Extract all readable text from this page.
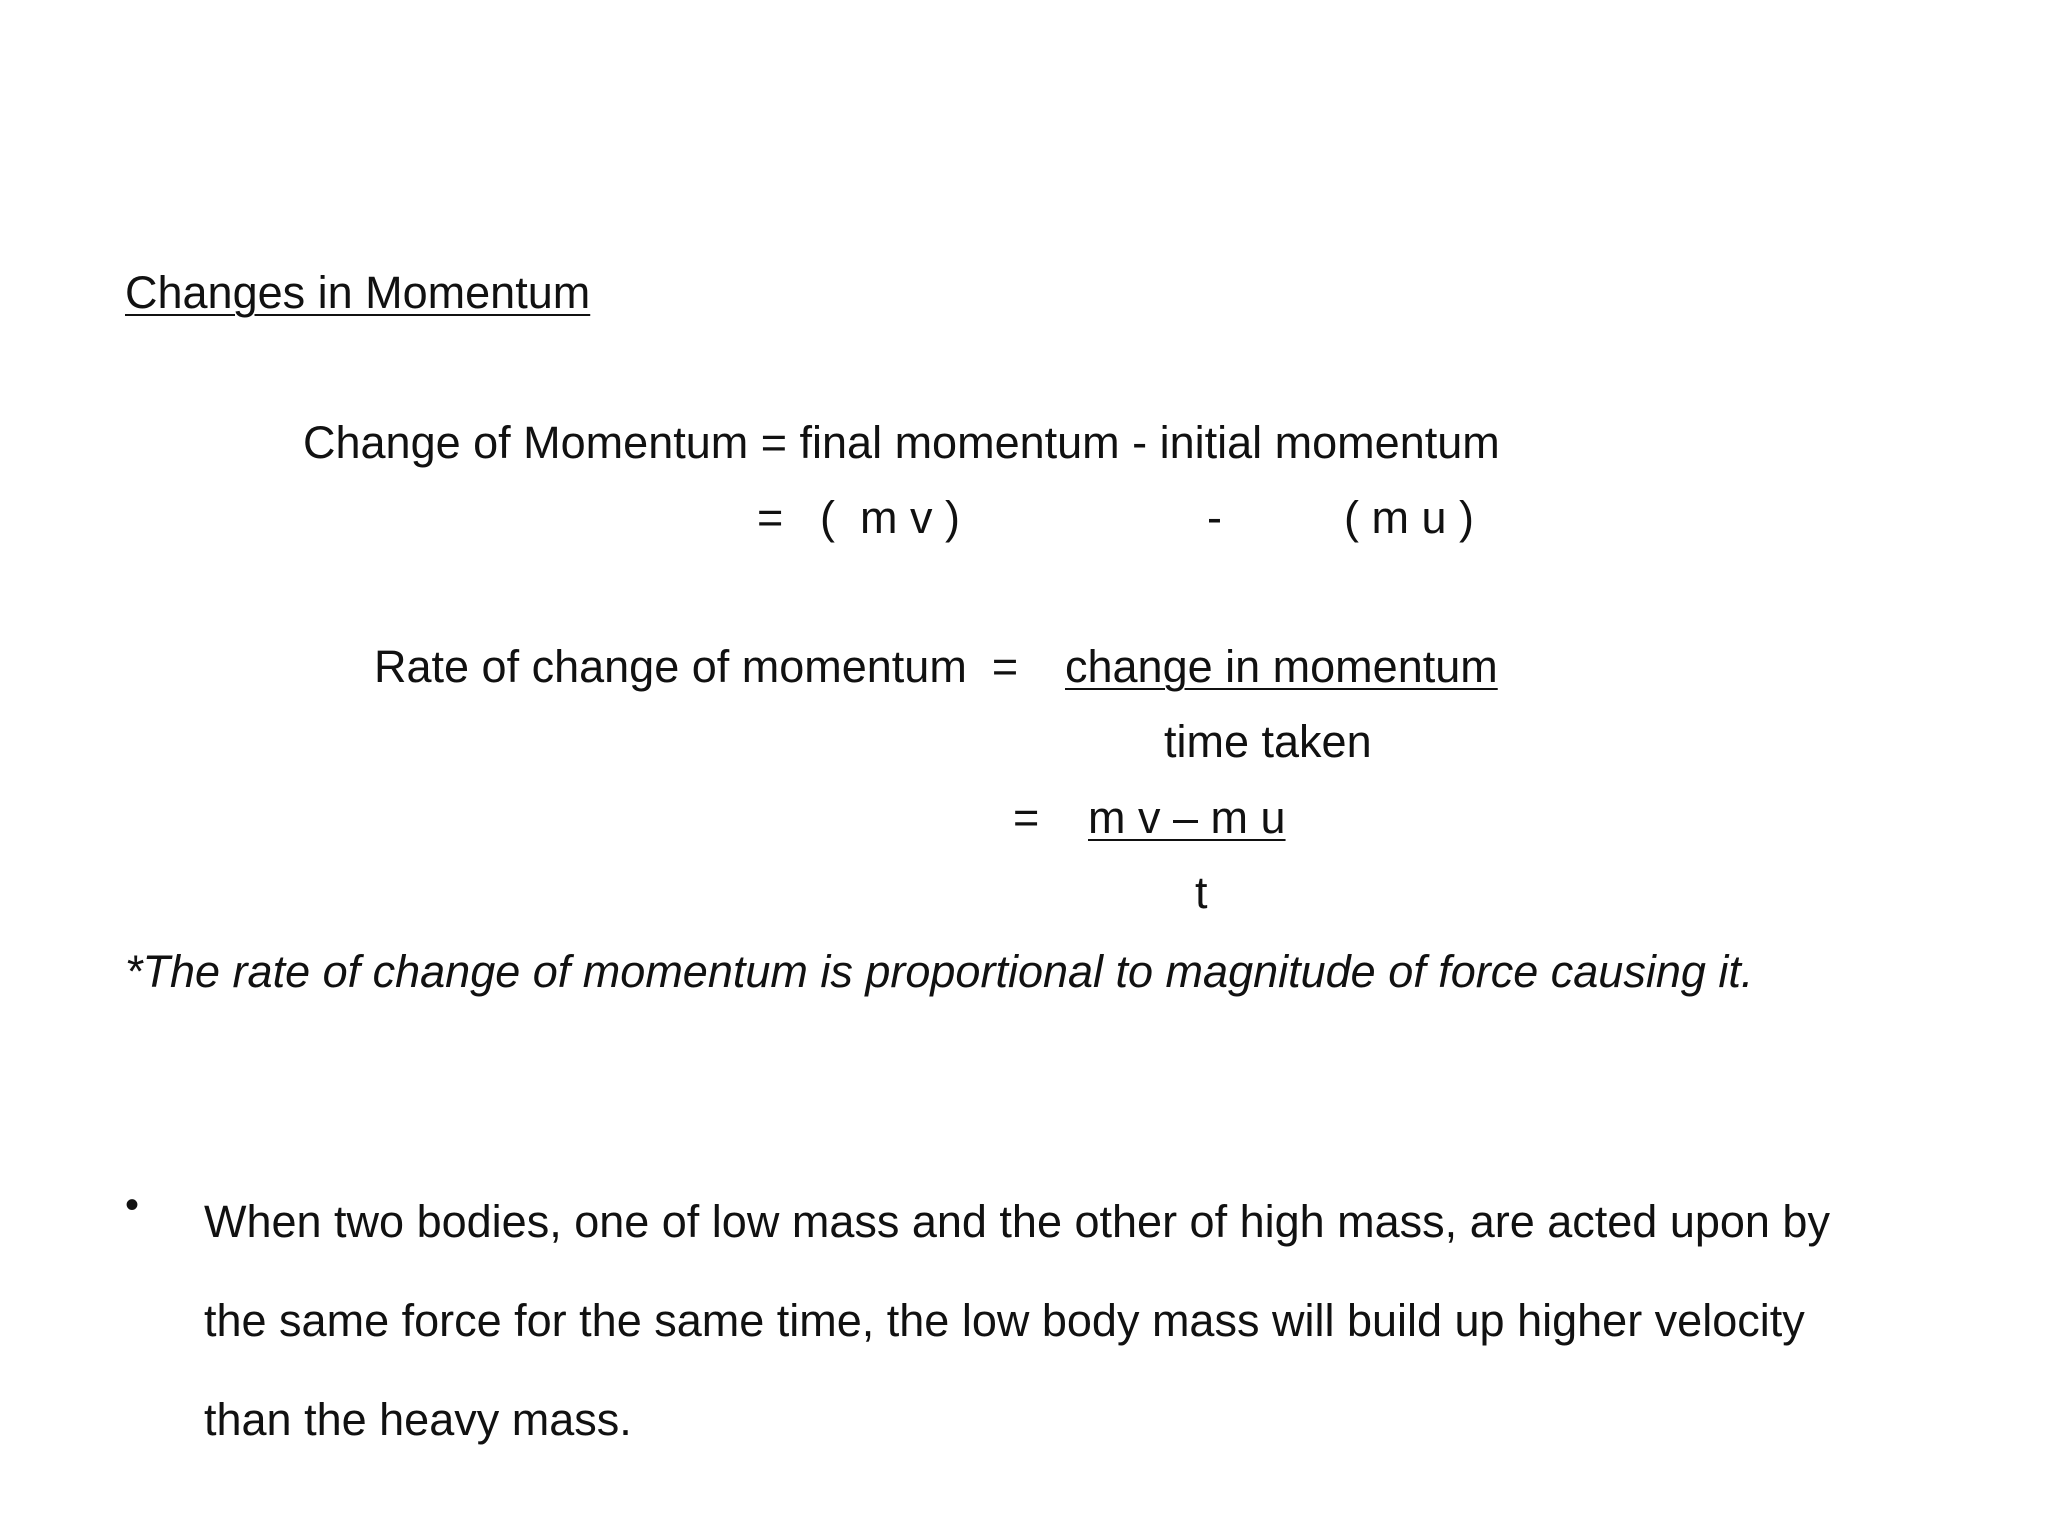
Changes in Momentum
Change of Momentum = final momentum - initial momentum
= (  m v )	-	( m u )
Rate of change of momentum  = change in momentum
time taken
= m v – m u
t
*The rate of change of momentum is proportional to magnitude of force causing it.
• When two bodies, one of low mass and the other of high mass, are acted upon by the same force for the same time, the low body mass will build up higher velocity than the heavy mass.
